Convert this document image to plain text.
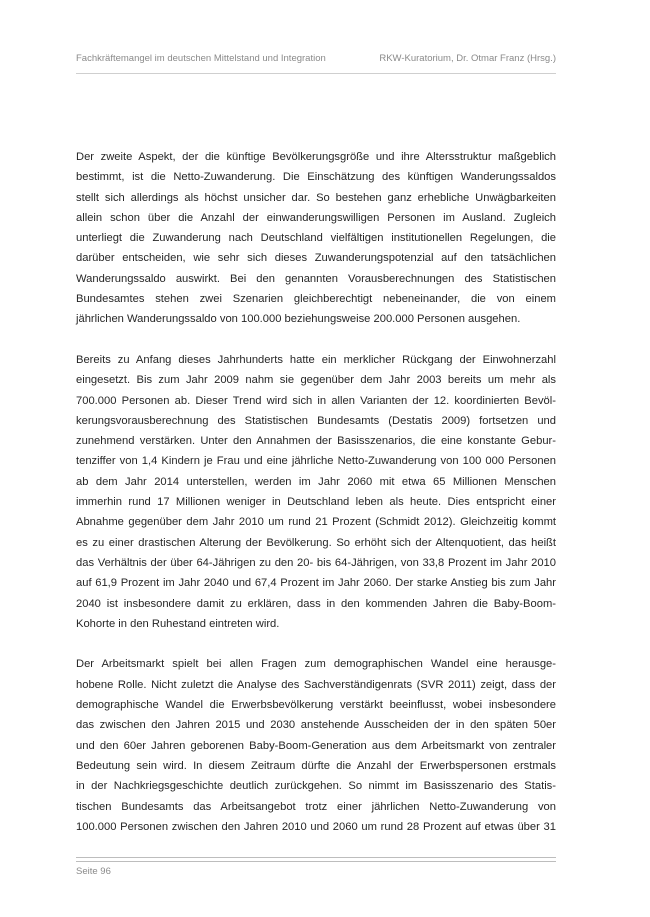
Fachkräftemangel im deutschen Mittelstand und Integration	RKW-Kuratorium, Dr. Otmar Franz (Hrsg.)
Der zweite Aspekt, der die künftige Bevölkerungsgröße und ihre Altersstruktur maßgeblich
bestimmt, ist die Netto-Zuwanderung. Die Einschätzung des künftigen Wanderungssaldos
stellt sich allerdings als höchst unsicher dar. So bestehen ganz erhebliche Unwägbarkeiten
allein schon über die Anzahl der einwanderungswilligen Personen im Ausland. Zugleich
unterliegt die Zuwanderung nach Deutschland vielfältigen institutionellen Regelungen, die
darüber entscheiden, wie sehr sich dieses Zuwanderungspotenzial auf den tatsächlichen
Wanderungssaldo auswirkt. Bei den genannten Vorausberechnungen des Statistischen
Bundesamtes stehen zwei Szenarien gleichberechtigt nebeneinander, die von einem
jährlichen Wanderungssaldo von 100.000 beziehungsweise 200.000 Personen ausgehen.
Bereits zu Anfang dieses Jahrhunderts hatte ein merklicher Rückgang der Einwohnerzahl
eingesetzt. Bis zum Jahr 2009 nahm sie gegenüber dem Jahr 2003 bereits um mehr als
700.000 Personen ab. Dieser Trend wird sich in allen Varianten der 12. koordinierten Bevöl-
kerungsvorausberechnung des Statistischen Bundesamts (Destatis 2009) fortsetzen und
zunehmend verstärken. Unter den Annahmen der Basisszenarios, die eine konstante Gebur-
tenziffer von 1,4 Kindern je Frau und eine jährliche Netto-Zuwanderung von 100 000 Personen
ab dem Jahr 2014 unterstellen, werden im Jahr 2060 mit etwa 65 Millionen Menschen
immerhin rund 17 Millionen weniger in Deutschland leben als heute. Dies entspricht einer
Abnahme gegenüber dem Jahr 2010 um rund 21 Prozent (Schmidt 2012). Gleichzeitig kommt
es zu einer drastischen Alterung der Bevölkerung. So erhöht sich der Altenquotient, das heißt
das Verhältnis der über 64-Jährigen zu den 20- bis 64-Jährigen, von 33,8 Prozent im Jahr 2010
auf 61,9 Prozent im Jahr 2040 und 67,4 Prozent im Jahr 2060. Der starke Anstieg bis zum Jahr
2040 ist insbesondere damit zu erklären, dass in den kommenden Jahren die Baby-Boom-
Kohorte in den Ruhestand eintreten wird.
Der Arbeitsmarkt spielt bei allen Fragen zum demographischen Wandel eine herausge-
hobene Rolle. Nicht zuletzt die Analyse des Sachverständigenrats (SVR 2011) zeigt, dass der
demographische Wandel die Erwerbsbevölkerung verstärkt beeinflusst, wobei insbesondere
das zwischen den Jahren 2015 und 2030 anstehende Ausscheiden der in den späten 50er
und den 60er Jahren geborenen Baby-Boom-Generation aus dem Arbeitsmarkt von zentraler
Bedeutung sein wird. In diesem Zeitraum dürfte die Anzahl der Erwerbspersonen erstmals
in der Nachkriegsgeschichte deutlich zurückgehen. So nimmt im Basisszenario des Statis-
tischen Bundesamts das Arbeitsangebot trotz einer jährlichen Netto-Zuwanderung von
100.000 Personen zwischen den Jahren 2010 und 2060 um rund 28 Prozent auf etwas über 31
Seite 96
